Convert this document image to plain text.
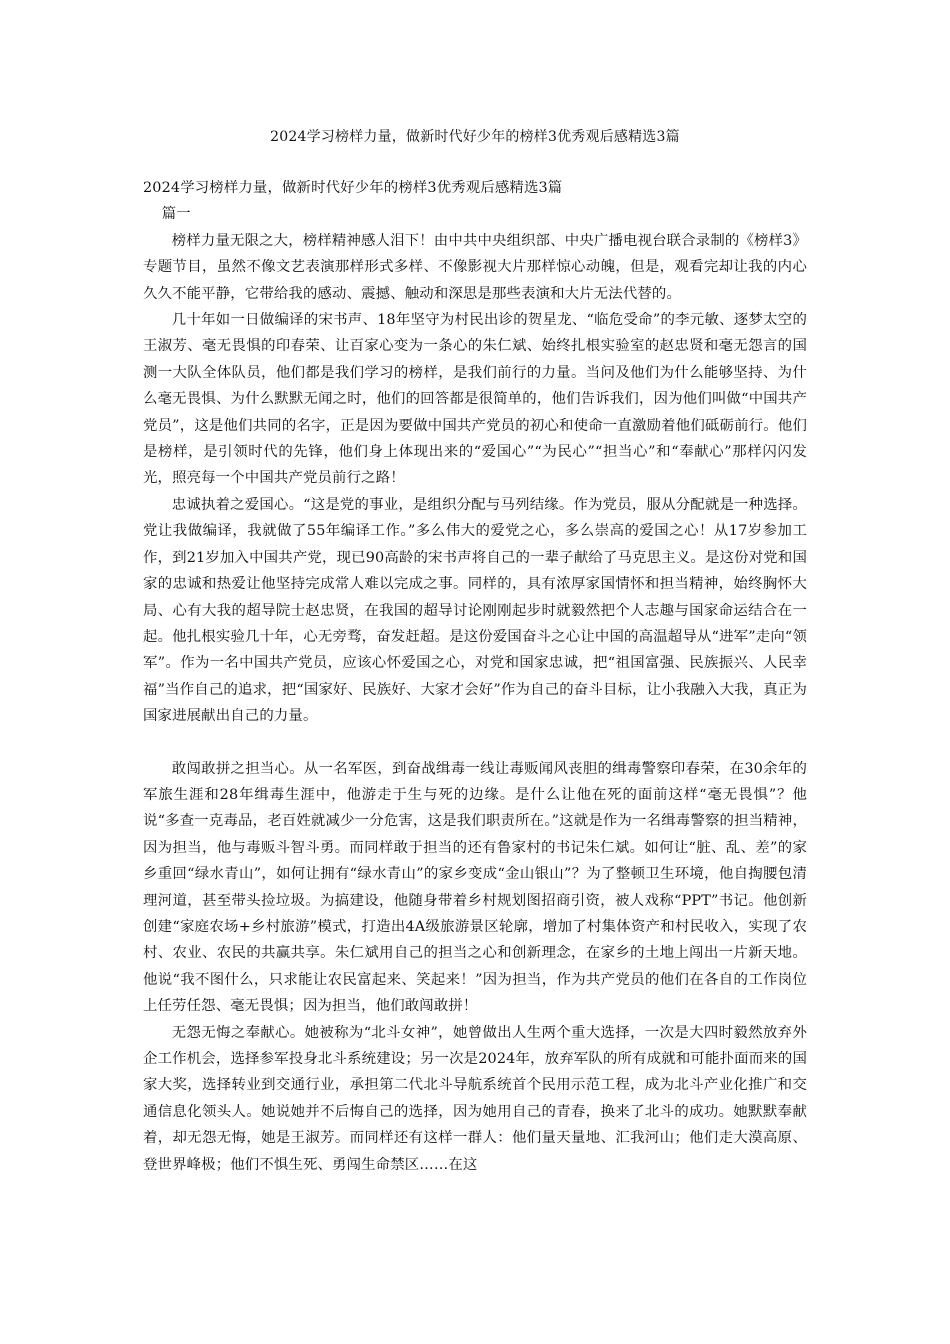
2024学习榜样力量，做新时代好少年的榜样3优秀观后感精选3篇

2024学习榜样力量，做新时代好少年的榜样3优秀观后感精选3篇

篇一

榜样力量无限之大，榜样精神感人泪下！由中共中央组织部、中央广播电视台联合录制的《榜样3》专题节目，虽然不像文艺表演那样形式多样、不像影视大片那样惊心动魄，但是，观看完却让我的内心久久不能平静，它带给我的感动、震撼、触动和深思是那些表演和大片无法代替的。

几十年如一日做编译的宋书声、18年坚守为村民出诊的贺星龙、“临危受命”的李元敏、逐梦太空的王淑芳、毫无畏惧的印春荣、让百家心变为一条心的朱仁斌、始终扎根实验室的赵忠贤和毫无怨言的国测一大队全体队员，他们都是我们学习的榜样，是我们前行的力量。当问及他们为什么能够坚持、为什么毫无畏惧、为什么默默无闻之时，他们的回答都是很简单的，他们告诉我们，因为他们叫做“中国共产党员”，这是他们共同的名字，正是因为要做中国共产党员的初心和使命一直激励着他们砥砺前行。他们是榜样，是引领时代的先锋，他们身上体现出来的“爱国心”“为民心”“担当心”和“奉献心”那样闪闪发光，照亮每一个中国共产党员前行之路！

忠诚执着之爱国心。“这是党的事业，是组织分配与马列结缘。作为党员，服从分配就是一种选择。党让我做编译，我就做了55年编译工作。”多么伟大的爱党之心，多么崇高的爱国之心！从17岁参加工作，到21岁加入中国共产党，现已90高龄的宋书声将自己的一辈子献给了马克思主义。是这份对党和国家的忠诚和热爱让他坚持完成常人难以完成之事。同样的，具有浓厚家国情怀和担当精神，始终胸怀大局、心有大我的超导院士赵忠贤，在我国的超导讨论刚刚起步时就毅然把个人志趣与国家命运结合在一起。他扎根实验几十年，心无旁骛，奋发赶超。是这份爱国奋斗之心让中国的高温超导从“进军”走向“领军”。作为一名中国共产党员，应该心怀爱国之心，对党和国家忠诚，把“祖国富强、民族振兴、人民幸福”当作自己的追求，把“国家好、民族好、大家才会好”作为自己的奋斗目标，让小我融入大我，真正为国家进展献出自己的力量。

敢闯敢拼之担当心。从一名军医，到奋战缉毒一线让毒贩闻风丧胆的缉毒警察印春荣，在30余年的军旅生涯和28年缉毒生涯中，他游走于生与死的边缘。是什么让他在死的面前这样“毫无畏惧”？他说“多查一克毒品，老百姓就减少一分危害，这是我们职责所在。”这就是作为一名缉毒警察的担当精神，因为担当，他与毒贩斗智斗勇。而同样敢于担当的还有鲁家村的书记朱仁斌。如何让“脏、乱、差”的家乡重回“绿水青山”，如何让拥有“绿水青山”的家乡变成“金山银山”？为了整顿卫生环境，他自掏腰包清理河道，甚至带头捡垃圾。为搞建设，他随身带着乡村规划图招商引资，被人戏称“PPT”书记。他创新创建“家庭农场+乡村旅游”模式，打造出4A级旅游景区轮廓，增加了村集体资产和村民收入，实现了农村、农业、农民的共赢共享。朱仁斌用自己的担当之心和创新理念，在家乡的土地上闯出一片新天地。他说“我不图什么，只求能让农民富起来、笑起来！”因为担当，作为共产党员的他们在各自的工作岗位上任劳任怨、毫无畏惧；因为担当，他们敢闯敢拼！

无怨无悔之奉献心。她被称为“北斗女神”，她曾做出人生两个重大选择，一次是大四时毅然放弃外企工作机会，选择参军投身北斗系统建设；另一次是2024年，放弃军队的所有成就和可能扑面而来的国家大奖，选择转业到交通行业，承担第二代北斗导航系统首个民用示范工程，成为北斗产业化推广和交通信息化领头人。她说她并不后悔自己的选择，因为她用自己的青春，换来了北斗的成功。她默默奉献着，却无怨无悔，她是王淑芳。而同样还有这样一群人：他们量天量地、汇我河山；他们走大漠高原、登世界峰极；他们不惧生死、勇闯生命禁区……在这
